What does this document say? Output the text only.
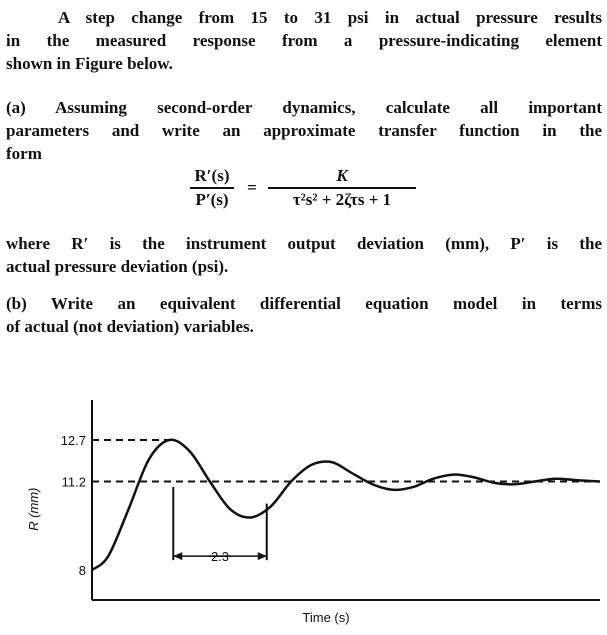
A step change from 15 to 31 psi in actual pressure results
in the measured response from a pressure-indicating element
shown in Figure below.
(a) Assuming second-order dynamics, calculate all important
parameters and write an approximate transfer function in the
form
$\frac{R'(s)}{P'(s)}$ =
K
τ²s² + 2ζτs + 1
where R′ is the instrument output deviation (mm), P′ is the
actual pressure deviation (psi).
(b) Write an equivalent differential equation model in terms
of actual (not deviation) variables.
2.3
12.7
11.2
8
Time (s)
R (mm)
